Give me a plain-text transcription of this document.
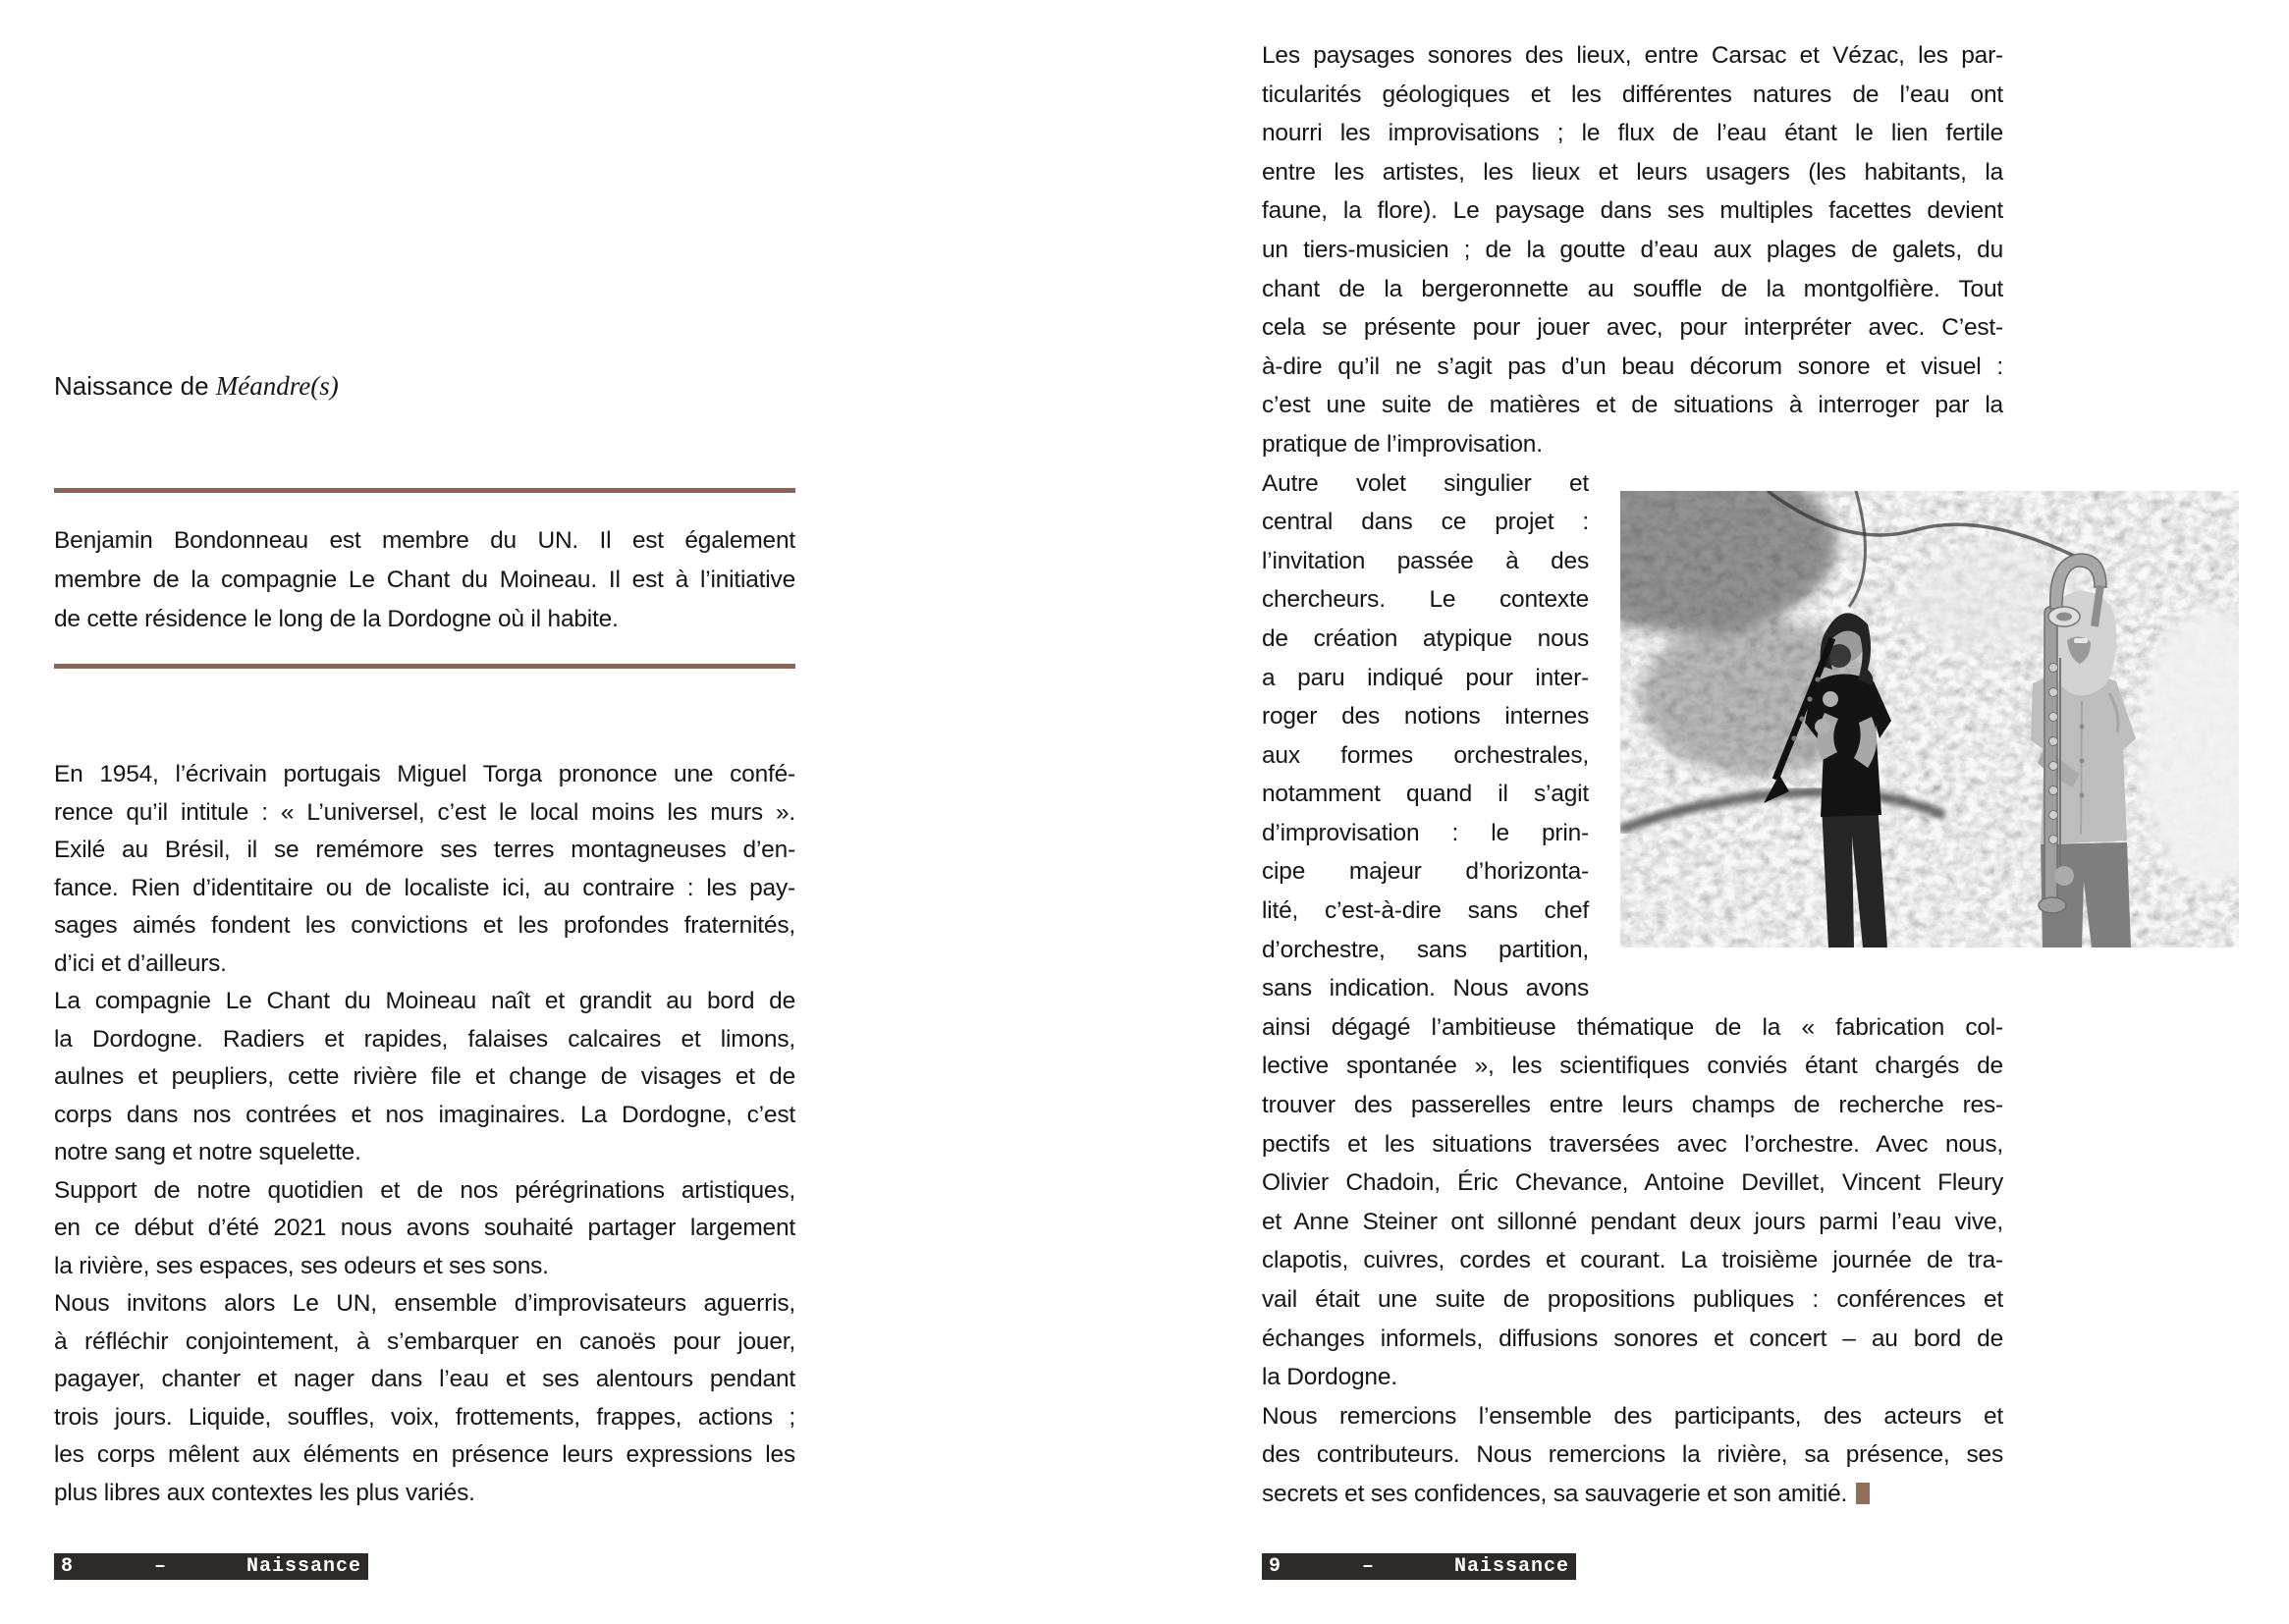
Naissance de Méandre(s)
Benjamin Bondonneau est membre du UN. Il est également
membre de la compagnie Le Chant du Moineau. Il est à l’initiative
de cette résidence le long de la Dordogne où il habite.
En 1954, l’écrivain portugais Miguel Torga prononce une confé-
rence qu’il intitule : « L’universel, c’est le local moins les murs ».
Exilé au Brésil, il se remémore ses terres montagneuses d’en-
fance. Rien d’identitaire ou de localiste ici, au contraire : les pay-
sages aimés fondent les convictions et les profondes fraternités,
d’ici et d’ailleurs.
La compagnie Le Chant du Moineau naît et grandit au bord de
la Dordogne. Radiers et rapides, falaises calcaires et limons,
aulnes et peupliers, cette rivière file et change de visages et de
corps dans nos contrées et nos imaginaires. La Dordogne, c’est
notre sang et notre squelette.
Support de notre quotidien et de nos pérégrinations artistiques,
en ce début d’été 2021 nous avons souhaité partager largement
la rivière, ses espaces, ses odeurs et ses sons.
Nous invitons alors Le UN, ensemble d’improvisateurs aguerris,
à réfléchir conjointement, à s’embarquer en canoës pour jouer,
pagayer, chanter et nager dans l’eau et ses alentours pendant
trois jours. Liquide, souffles, voix, frottements, frappes, actions ;
les corps mêlent aux éléments en présence leurs expressions les
plus libres aux contextes les plus variés.
8	–	Naissance
Les paysages sonores des lieux, entre Carsac et Vézac, les par-
ticularités géologiques et les différentes natures de l’eau ont
nourri les improvisations ; le flux de l’eau étant le lien fertile
entre les artistes, les lieux et leurs usagers (les habitants, la
faune, la flore). Le paysage dans ses multiples facettes devient
un tiers-musicien ; de la goutte d’eau aux plages de galets, du
chant de la bergeronnette au souffle de la montgolfière. Tout
cela se présente pour jouer avec, pour interpréter avec. C’est-
à-dire qu’il ne s’agit pas d’un beau décorum sonore et visuel :
c’est une suite de matières et de situations à interroger par la
pratique de l’improvisation.
Autre volet singulier et
central dans ce projet :
l’invitation passée à des
chercheurs. Le contexte
de création atypique nous
a paru indiqué pour inter-
roger des notions internes
aux formes orchestrales,
notamment quand il s’agit
d’improvisation : le prin-
cipe majeur d’horizonta-
lité, c’est-à-dire sans chef
d’orchestre, sans partition,
sans indication. Nous avons
ainsi dégagé l’ambitieuse thématique de la « fabrication col-
lective spontanée », les scientifiques conviés étant chargés de
trouver des passerelles entre leurs champs de recherche res-
pectifs et les situations traversées avec l’orchestre. Avec nous,
Olivier Chadoin, Éric Chevance, Antoine Devillet, Vincent Fleury
et Anne Steiner ont sillonné pendant deux jours parmi l’eau vive,
clapotis, cuivres, cordes et courant. La troisième journée de tra-
vail était une suite de propositions publiques : conférences et
échanges informels, diffusions sonores et concert – au bord de
la Dordogne.
Nous remercions l’ensemble des participants, des acteurs et
des contributeurs. Nous remercions la rivière, sa présence, ses
secrets et ses confidences, sa sauvagerie et son amitié.
9	–	Naissance
